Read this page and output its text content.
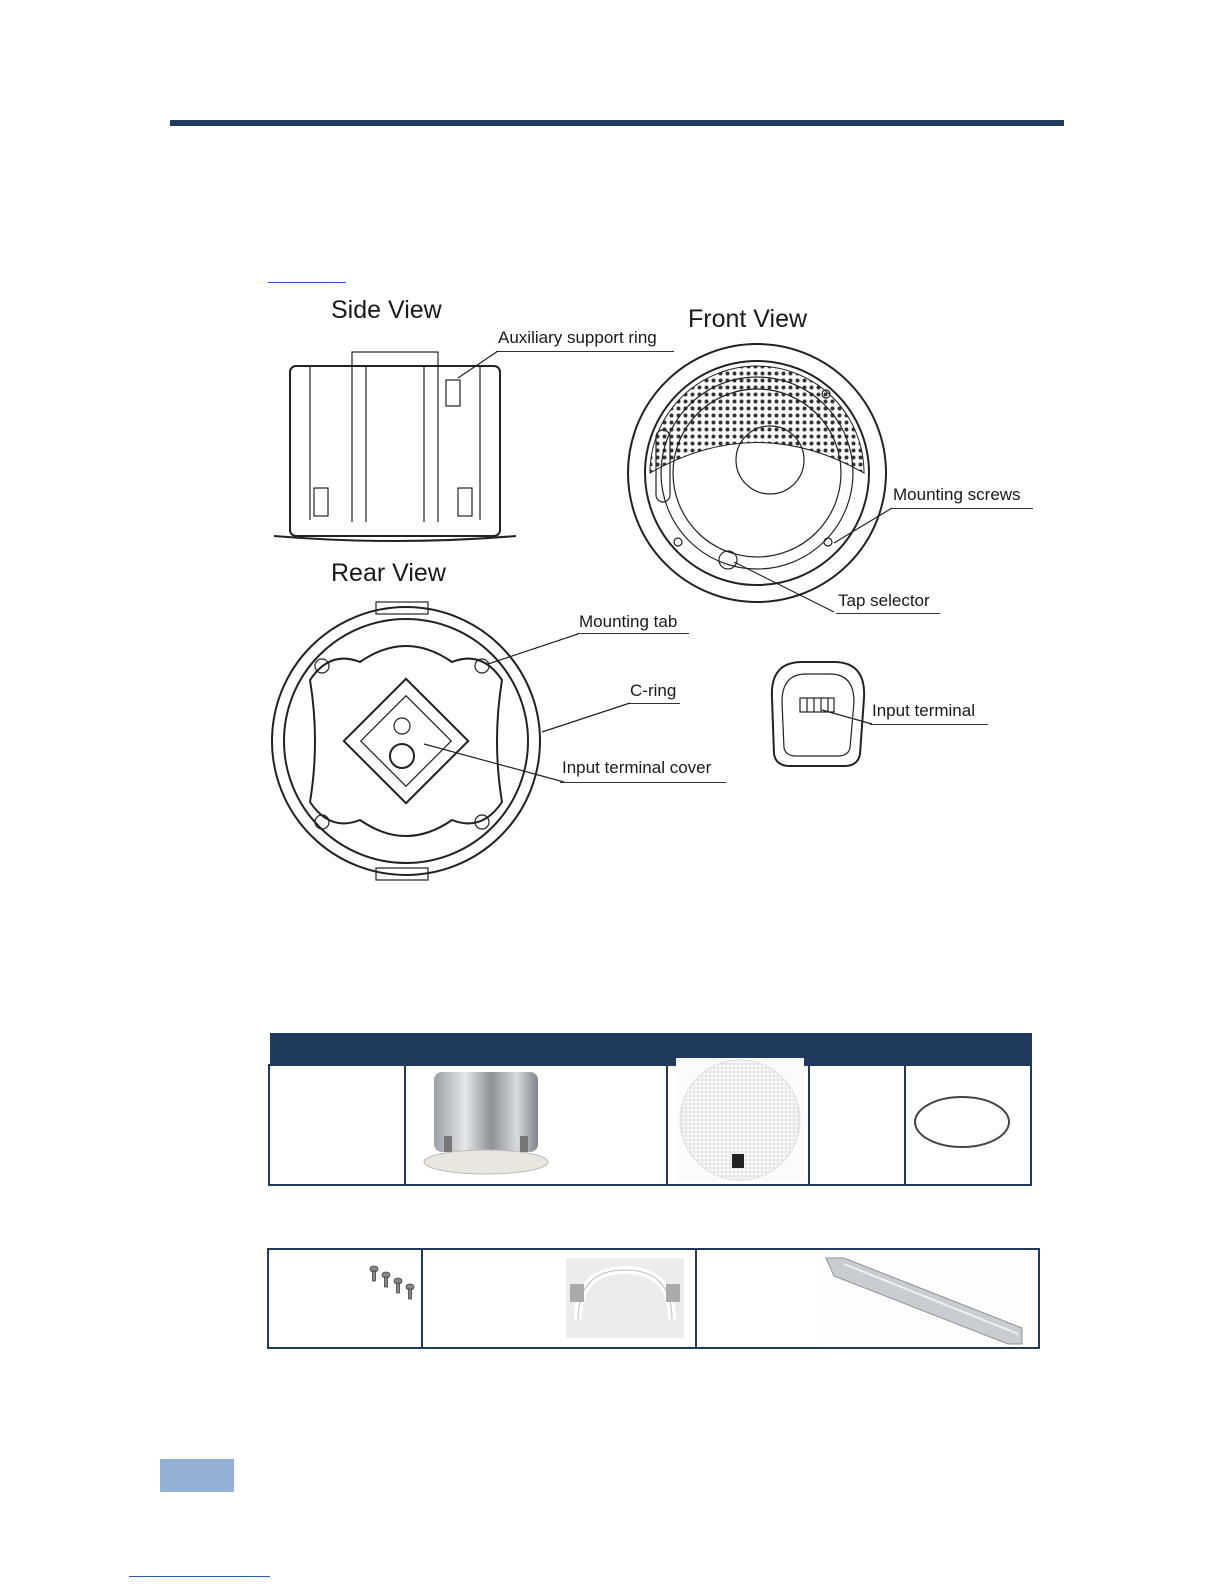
Side View
Auxiliary support ring
Front View
Mounting screws
Tap selector
Rear View
Mounting tab
C-ring
Input terminal cover
Input terminal
